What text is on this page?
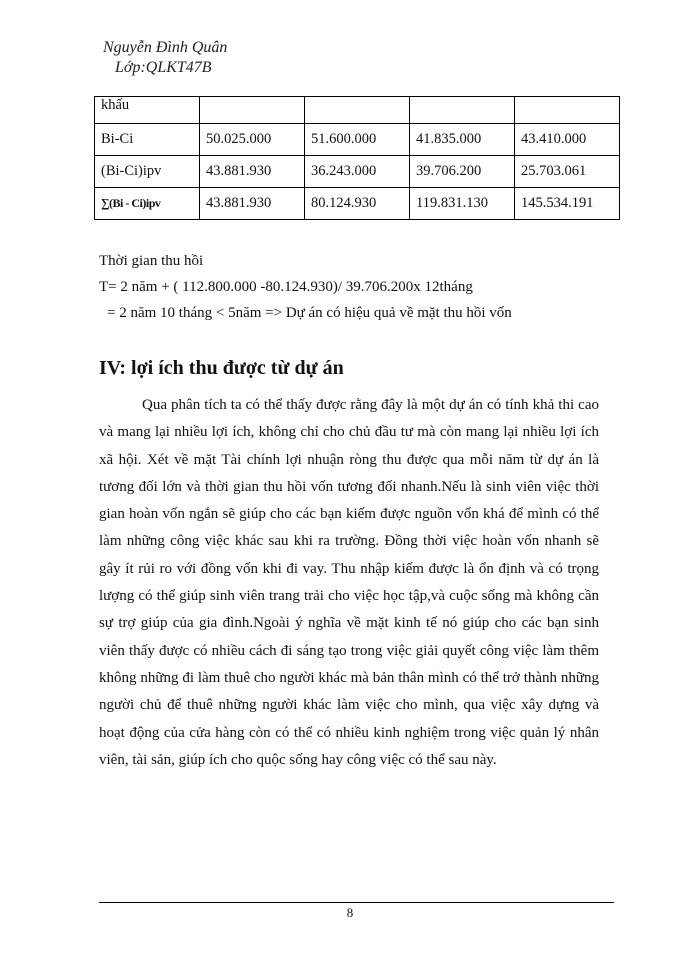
Nguyễn Đình Quân
Lớp:QLKT47B
khấu				
Bi-Ci	50.025.000	51.600.000	41.835.000	43.410.000
(Bi-Ci)ipv	43.881.930	36.243.000	39.706.200	25.703.061
∑(Bi - Ci)ipv	43.881.930	80.124.930	119.831.130	145.534.191
Thời gian thu hồi
T= 2 năm + ( 112.800.000 -80.124.930)/ 39.706.200x 12tháng
= 2 năm 10 tháng < 5năm => Dự án có hiệu quả về mặt thu hồi vốn
IV: lợi ích thu được từ dự án

Qua phân tích ta có thể thấy được rằng đây là một dự án có tính khả thi cao và mang lại nhiều lợi ích, không chỉ cho chủ đầu tư mà còn mang lại nhiều lợi ích xã hội. Xét về mặt Tài chính lợi nhuận ròng thu được qua mỗi năm từ dự án là tương đối lớn và thời gian thu hồi vốn tương đối nhanh.Nếu là sinh viên việc thời gian hoàn vốn ngắn sẽ giúp cho các bạn kiếm được nguồn vốn khá để mình có thể làm những công việc khác sau khi ra trường. Đồng thời việc hoàn vốn nhanh sẽ gây ít rủi ro với đồng vốn khi đi vay. Thu nhập kiếm được là ổn định và có trọng lượng có thể giúp sinh viên trang trải cho việc học tập,và cuộc sống mà không cần sự trợ giúp của gia đình.Ngoài ý nghĩa về mặt kinh tế nó giúp cho các bạn sinh viên thấy được có nhiều cách đi sáng tạo trong việc giải quyết công việc làm thêm không những đi làm thuê cho người khác mà bản thân mình có thể trở thành những người chủ để thuê những người khác làm việc cho mình, qua việc xây dựng và hoạt động của cửa hàng còn có thể có nhiều kinh nghiệm trong việc quản lý nhân viên, tài sản, giúp ích cho quộc sống hay công việc có thể sau này.

8
